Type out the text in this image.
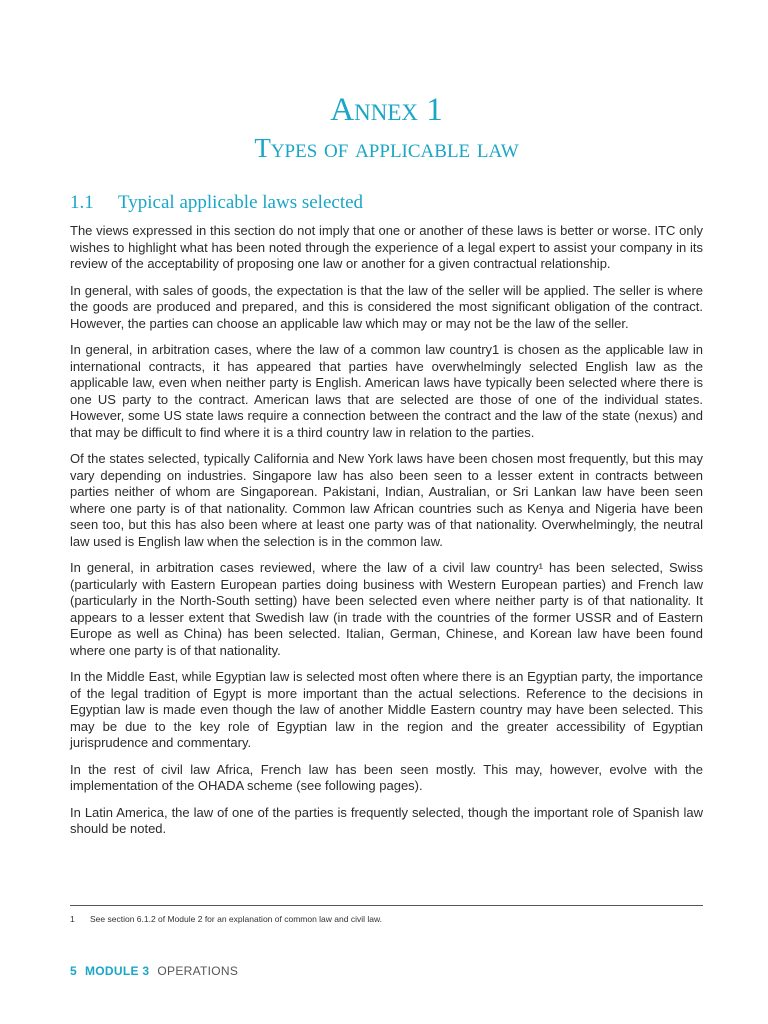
Annex 1
Types of applicable law
1.1 Typical applicable laws selected

The views expressed in this section do not imply that one or another of these laws is better or worse. ITC only wishes to highlight what has been noted through the experience of a legal expert to assist your company in its review of the acceptability of proposing one law or another for a given contractual relationship.

In general, with sales of goods, the expectation is that the law of the seller will be applied. The seller is where the goods are produced and prepared, and this is considered the most significant obligation of the contract. However, the parties can choose an applicable law which may or may not be the law of the seller.

In general, in arbitration cases, where the law of a common law country1 is chosen as the applicable law in international contracts, it has appeared that parties have overwhelmingly selected English law as the applicable law, even when neither party is English. American laws have typically been selected where there is one US party to the contract. American laws that are selected are those of one of the individual states. However, some US state laws require a connection between the contract and the law of the state (nexus) and that may be difficult to find where it is a third country law in relation to the parties.

Of the states selected, typically California and New York laws have been chosen most frequently, but this may vary depending on industries. Singapore law has also been seen to a lesser extent in contracts between parties neither of whom are Singaporean. Pakistani, Indian, Australian, or Sri Lankan law have been seen where one party is of that nationality. Common law African countries such as Kenya and Nigeria have been seen too, but this has also been where at least one party was of that nationality. Overwhelmingly, the neutral law used is English law when the selection is in the common law.

In general, in arbitration cases reviewed, where the law of a civil law country¹ has been selected, Swiss (particularly with Eastern European parties doing business with Western European parties) and French law (particularly in the North-South setting) have been selected even where neither party is of that nationality. It appears to a lesser extent that Swedish law (in trade with the countries of the former USSR and of Eastern Europe as well as China) has been selected. Italian, German, Chinese, and Korean law have been found where one party is of that nationality.

In the Middle East, while Egyptian law is selected most often where there is an Egyptian party, the importance of the legal tradition of Egypt is more important than the actual selections. Reference to the decisions in Egyptian law is made even though the law of another Middle Eastern country may have been selected. This may be due to the key role of Egyptian law in the region and the greater accessibility of Egyptian jurisprudence and commentary.

In the rest of civil law Africa, French law has been seen mostly. This may, however, evolve with the implementation of the OHADA scheme (see following pages).

In Latin America, the law of one of the parties is frequently selected, though the important role of Spanish law should be noted.

1 See section 6.1.2 of Module 2 for an explanation of common law and civil law.
5 MODULE 3 OPERATIONS
